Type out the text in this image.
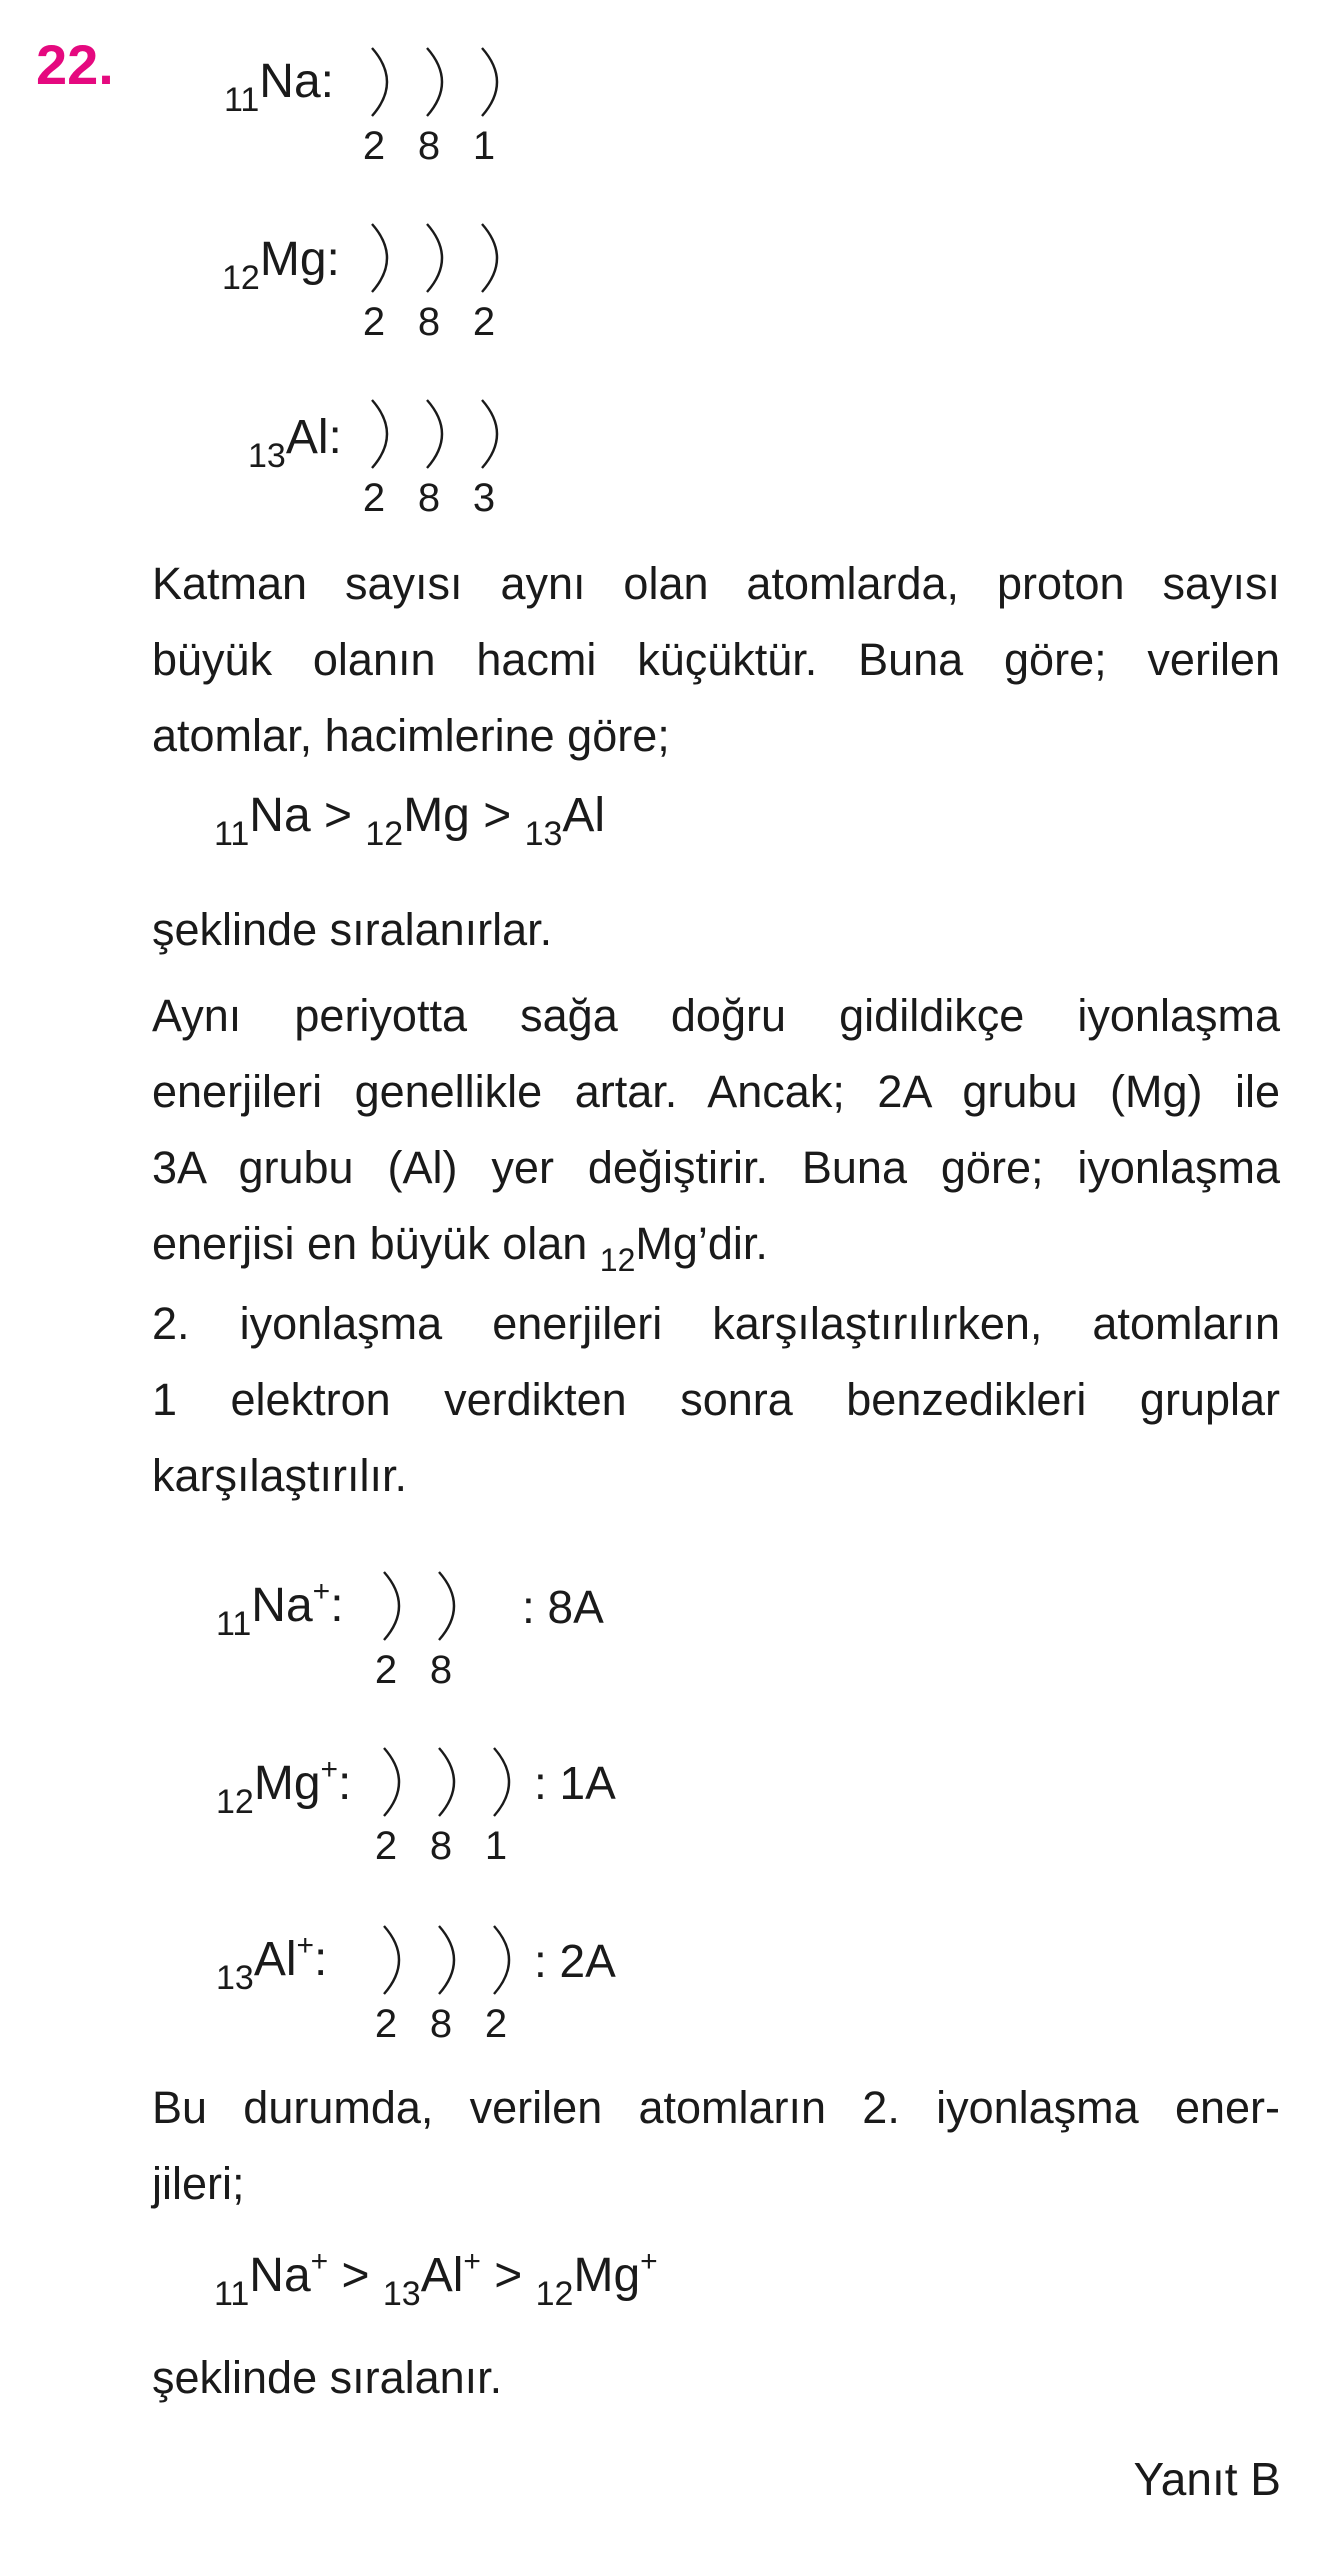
22.
$_{11}$Na:
2 8 1
$_{12}$Mg:
2 8 2
$_{13}$Al:
2 8 3
Katman sayısı aynı olan atomlarda, proton sayısı
büyük olanın hacmi küçüktür. Buna göre; verilen
atomlar, hacimlerine göre;
$_{11}$Na > $_{12}$Mg > $_{13}$Al
şeklinde sıralanırlar.
Aynı periyotta sağa doğru gidildikçe iyonlaşma
enerjileri genellikle artar. Ancak; 2A grubu (Mg) ile
3A grubu (Al) yer değiştirir. Buna göre; iyonlaşma
enerjisi en büyük olan $_{12}$Mg’dir.
2. iyonlaşma enerjileri karşılaştırılırken, atomların
1 elektron verdikten sonra benzedikleri gruplar
karşılaştırılır.
$_{11}$Na+:
2 8
: 8A
$_{12}$Mg+:
2 8 1
: 1A
$_{13}$Al+:
2 8 2
: 2A
Bu durumda, verilen atomların 2. iyonlaşma ener-
jileri;
$_{11}$Na+ > $_{13}$Al+ > $_{12}$Mg+
şeklinde sıralanır.
Yanıt B
